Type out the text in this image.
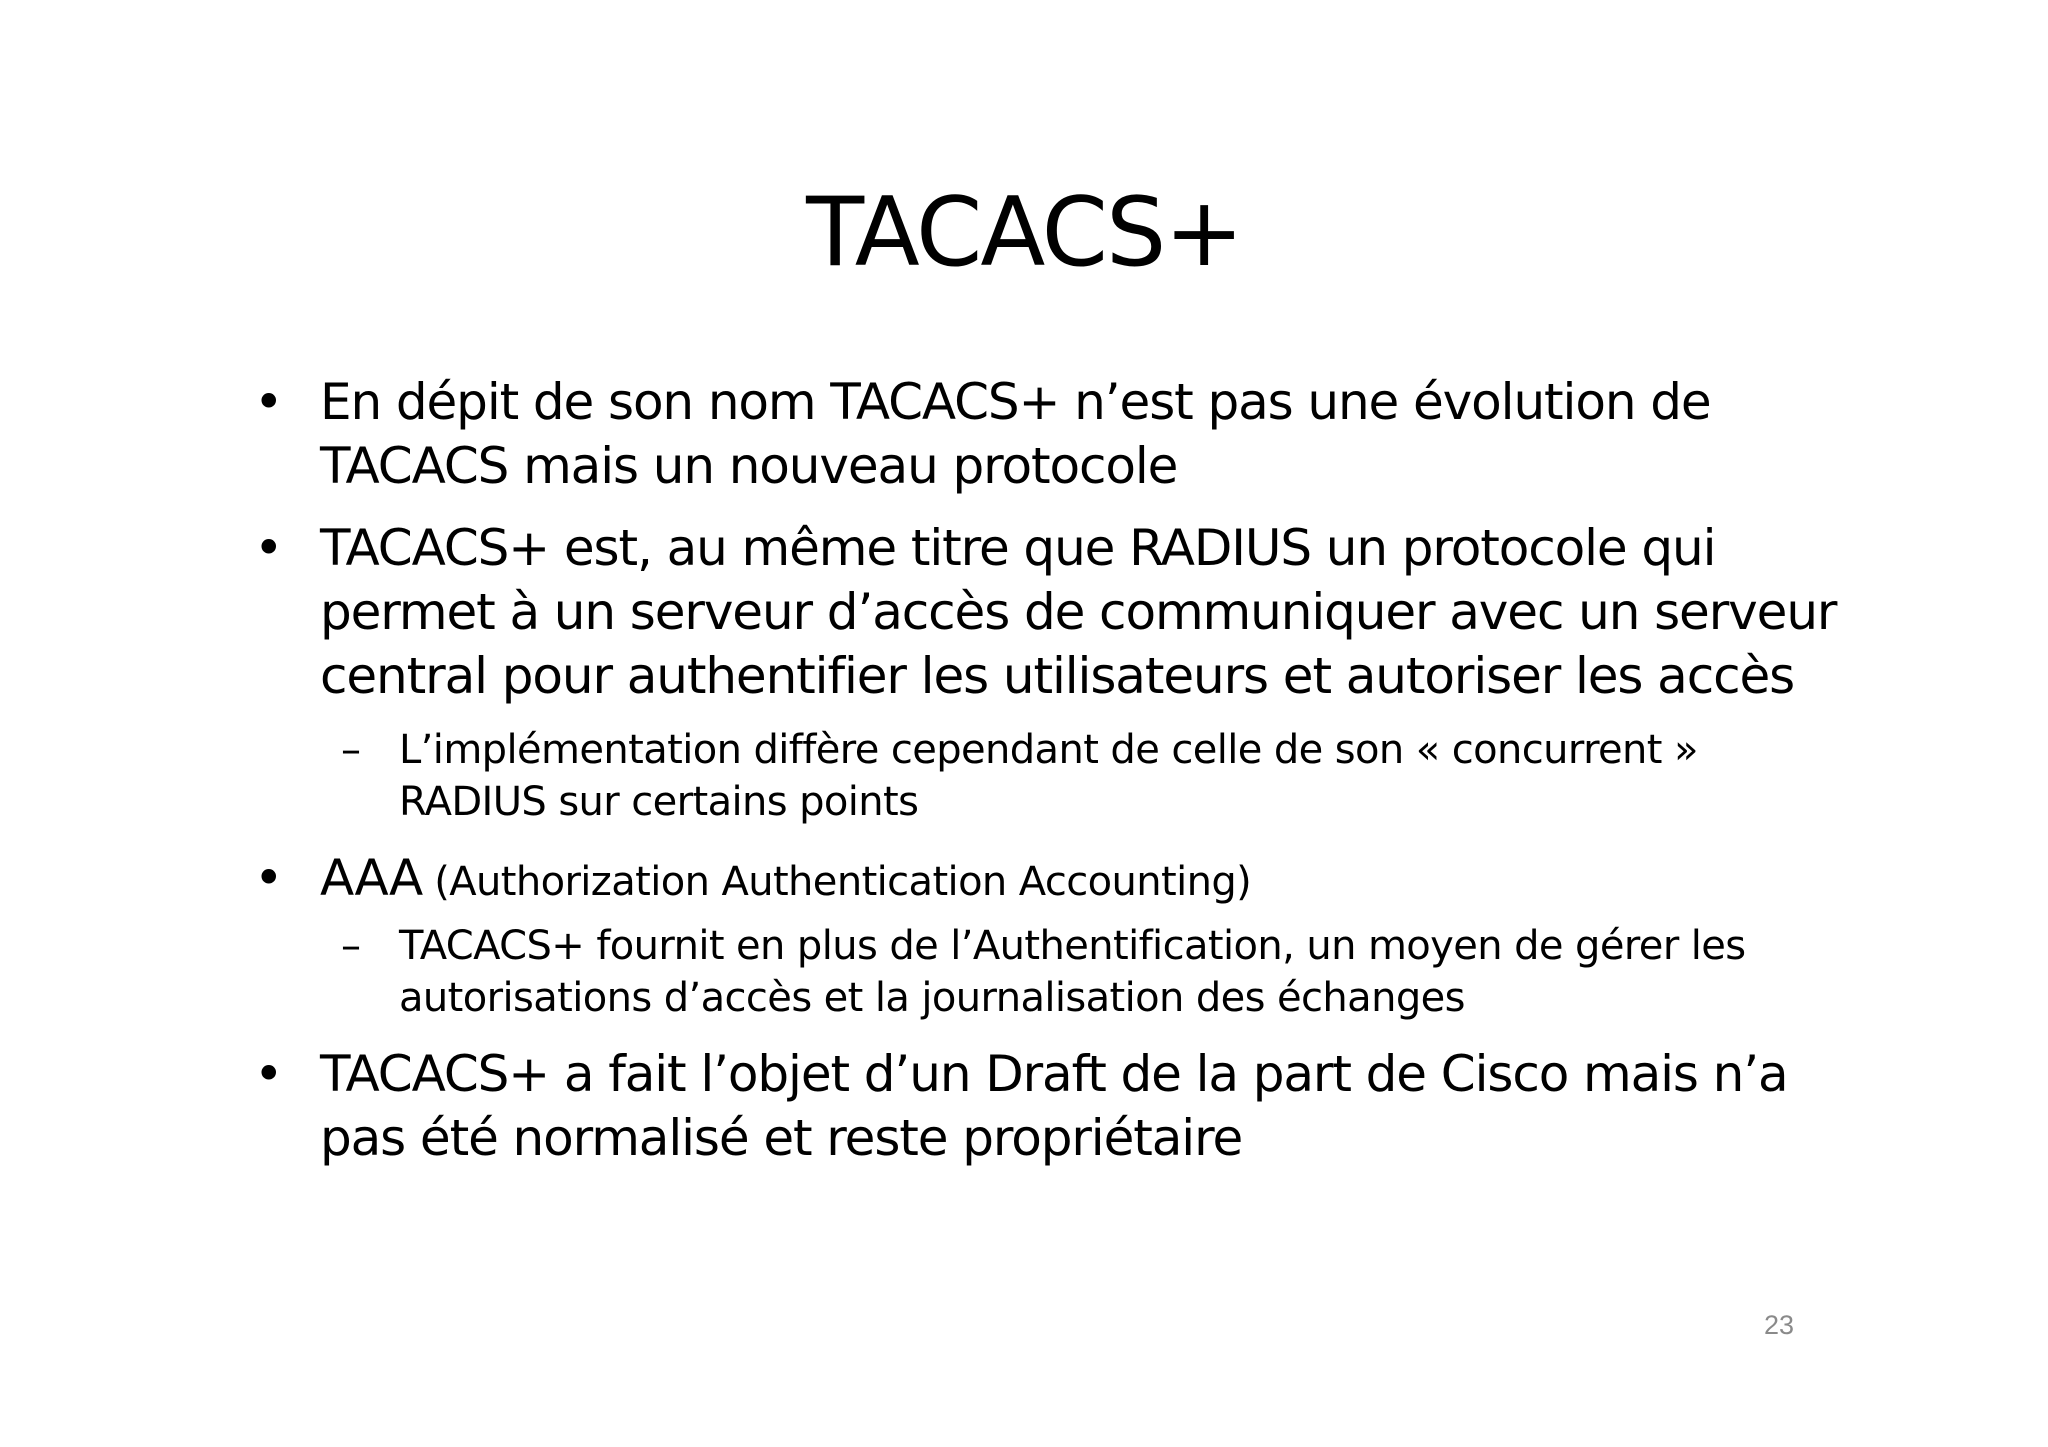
TACACS+
• En dépit de son nom TACACS+ n’est pas une évolution de
TACACS mais un nouveau protocole
• TACACS+ est, au même titre que RADIUS un protocole qui
permet à un serveur d’accès de communiquer avec un serveur
central pour authentifier les utilisateurs et autoriser les accès
– L’implémentation diffère cependant de celle de son « concurrent »
RADIUS sur certains points
• AAA (Authorization Authentication Accounting)
– TACACS+ fournit en plus de l’Authentification, un moyen de gérer les
autorisations d’accès et la journalisation des échanges
• TACACS+ a fait l’objet d’un Draft de la part de Cisco mais n’a
pas été normalisé et reste propriétaire
23
